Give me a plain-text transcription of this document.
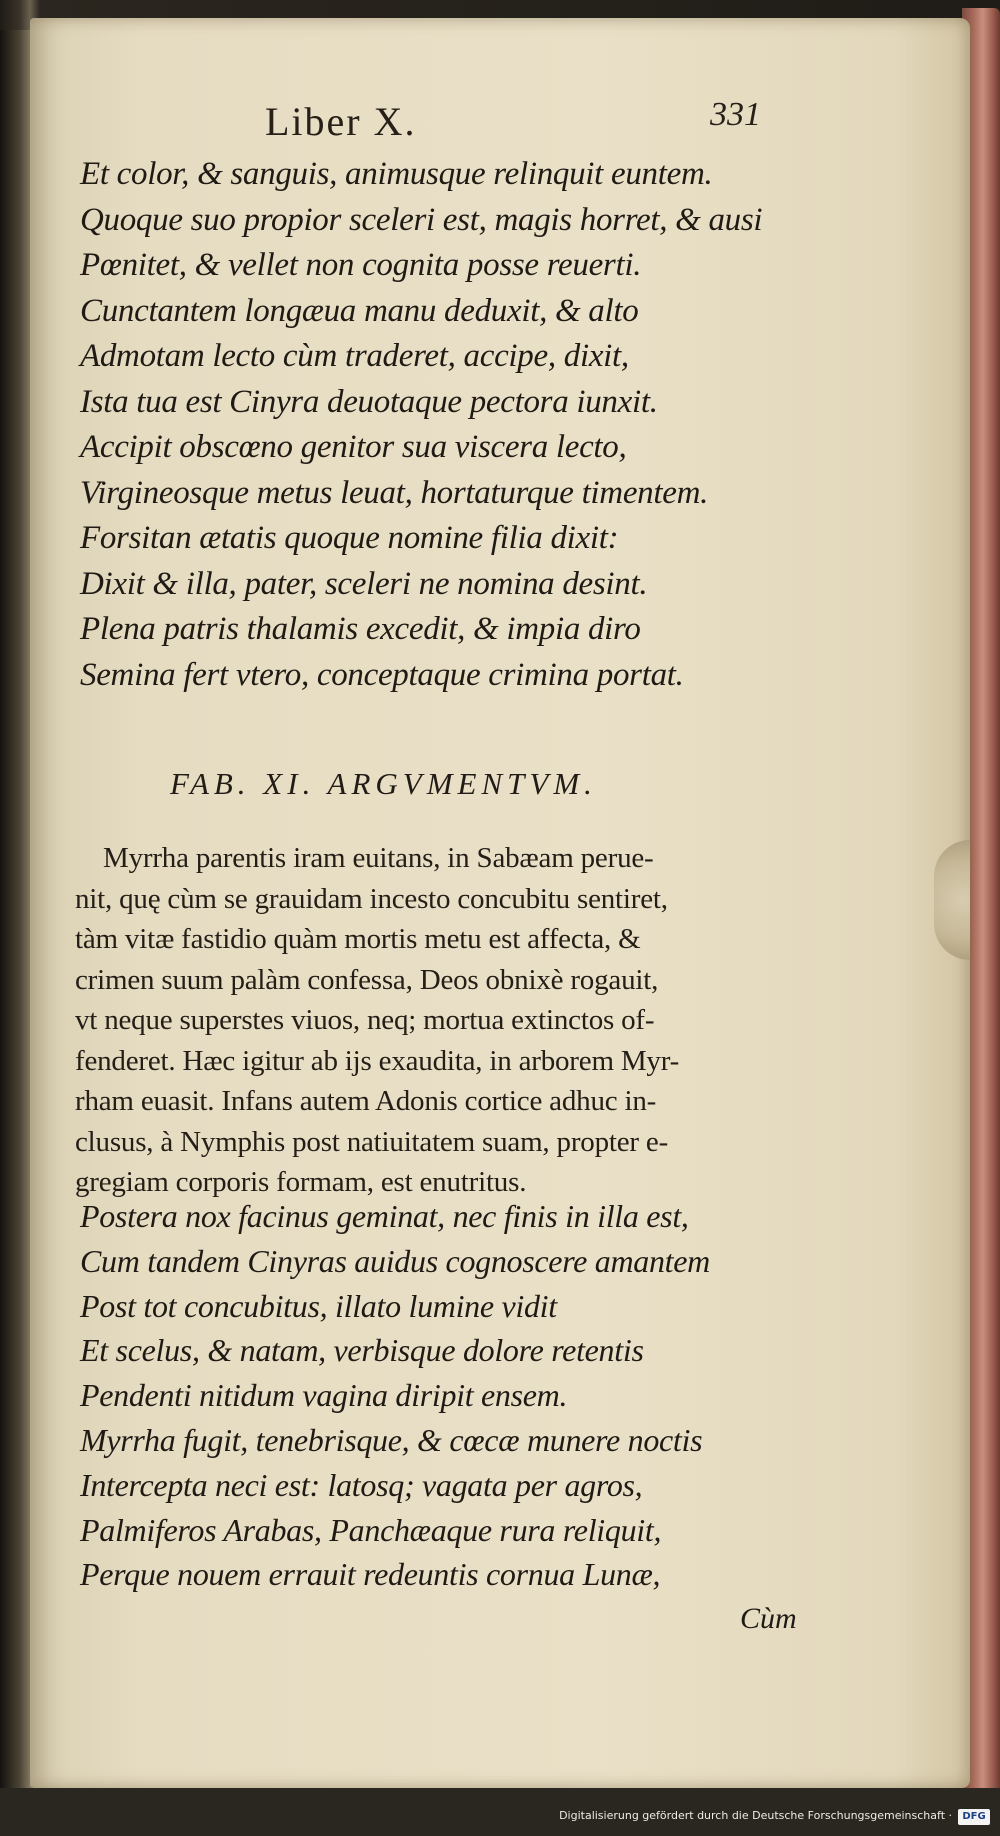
Liber X.	331
Et color, & sanguis, animusque relinquit euntem.
Quoque suo propior sceleri est, magis horret, & ausi
Pœnitet, & vellet non cognita posse reuerti.
Cunctantem longæua manu deduxit, & alto
Admotam lecto cùm traderet, accipe, dixit,
Ista tua est Cinyra deuotaque pectora iunxit.
Accipit obscœno genitor sua viscera lecto,
Virgineosque metus leuat, hortaturque timentem.
Forsitan ætatis quoque nomine filia dixit:
Dixit & illa, pater, sceleri ne nomina desint.
Plena patris thalamis excedit, & impia diro
Semina fert vtero, conceptaque crimina portat.
FAB. XI. ARGVMENTVM.
Myrrha parentis iram euitans, in Sabæam perue-
nit, quę cùm se grauidam incesto concubitu sentiret,
tàm vitæ fastidio quàm mortis metu est affecta, &
crimen suum palàm confessa, Deos obnixè rogauit,
vt neque superstes viuos, neq; mortua extinctos of-
fenderet. Hæc igitur ab ijs exaudita, in arborem Myr-
rham euasit. Infans autem Adonis cortice adhuc in-
clusus, à Nymphis post natiuitatem suam, propter e-
gregiam corporis formam, est enutritus.
Postera nox facinus geminat, nec finis in illa est,
Cum tandem Cinyras auidus cognoscere amantem
Post tot concubitus, illato lumine vidit
Et scelus, & natam, verbisque dolore retentis
Pendenti nitidum vagina diripit ensem.
Myrrha fugit, tenebrisque, & cœcæ munere noctis
Intercepta neci est: latosq; vagata per agros,
Palmiferos Arabas, Panchæaque rura reliquit,
Perque nouem errauit redeuntis cornua Lunæ,
Cùm
Digitalisierung gefördert durch die Deutsche Forschungsgemeinschaft ·	DFG
